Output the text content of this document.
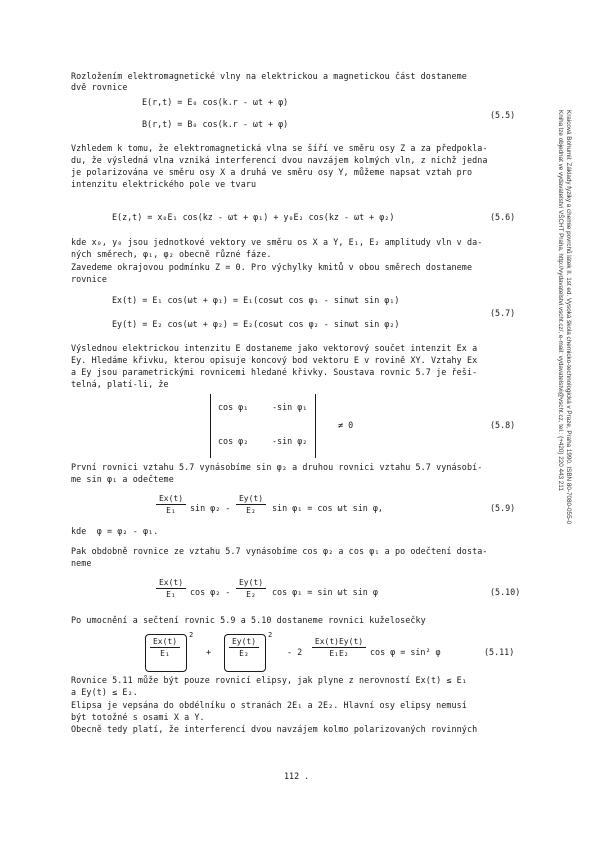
Rozložením elektromagnetické vlny na elektrickou a magnetickou část dostaneme
dvě rovnice
E(r,t) = E₀ cos(k.r - ωt + φ)
B(r,t) = B₀ cos(k.r - ωt + φ)
(5.5)
Vzhledem k tomu, že elektromagnetická vlna se šíří ve směru osy Z a za předpokla-
du, že výsledná vlna vzniká interferencí dvou navzájem kolmých vln, z nichž jedna
je polarizována ve směru osy X a druhá ve směru osy Y, můžeme napsat vztah pro
intenzitu elektrického pole ve tvaru
E(z,t) = x₀E₁ cos(kz - ωt + φ₁) + y₀E₂ cos(kz - ωt + φ₂)	(5.6)
kde x₀, y₀ jsou jednotkové vektory ve směru os X a Y, E₁, E₂ amplitudy vln v da-
ných směrech, φ₁, φ₂ obecně různé fáze.
Zavedeme okrajovou podmínku Z = 0. Pro výchylky kmitů v obou směrech dostaneme
rovnice
Ex(t) = E₁ cos(ωt + φ₁) = E₁(cosωt cos φ₁ - sinωt sin φ₁)
Ey(t) = E₂ cos(ωt + φ₂) = E₂(cosωt cos φ₂ - sinωt sin φ₂)
(5.7)
Výslednou elektrickou intenzitu E dostaneme jako vektorový součet intenzit Ex a
Ey. Hledáme křivku, kterou opisuje koncový bod vektoru E v rovině XY. Vztahy Ex
a Ey jsou parametrickými rovnicemi hledané křivky. Soustava rovnic 5.7 je řeši-
telná, platí-li, že
cos φ₁	-sin φ₁
cos φ₂	-sin φ₂
≠ 0	(5.8)
První rovnici vztahu 5.7 vynásobíme sin φ₂ a druhou rovnici vztahu 5.7 vynásobí-
me sin φ₁ a odečteme
Ex(t)
E₁ sin φ₂ -
Ey(t)
E₂ sin φ₁ = cos ωt sin φ,	(5.9)
kde  φ = φ₂ - φ₁.
Pak obdobně rovnice ze vztahu 5.7 vynásobíme cos φ₂ a cos φ₁ a po odečtení dosta-
neme
Ex(t)
E₁ cos φ₂ -
Ey(t)
E₂ cos φ₁ = sin ωt sin φ	(5.10)
Po umocnění a sečtení rovnic 5.9 a 5.10 dostaneme rovnici kuželosečky
Ex(t)
E₁
2
+
Ey(t)
E₂
2
- 2
Ex(t)Ey(t)
E₁E₂	cos φ = sin² φ	(5.11)
Rovnice 5.11 může být pouze rovnicí elipsy, jak plyne z nerovností Ex(t) ≤ E₁
a Ey(t) ≤ E₂.
Elipsa je vepsána do obdélníku o stranách 2E₁ a 2E₂. Hlavní osy elipsy nemusí
být totožné s osami X a Y.
Obecně tedy platí, že interferencí dvou navzájem kolmo polarizovaných rovinných
112 .
Kraicová Bohumil: Základy fyziky a chemie povrchů látek II. 1st ed. Vysoká škola chemicko-technologická v Praze, Praha 1990. ISBN 80-7080-055-0
Kniha lze objednat ve vydavatelství VŠCHT Praha, http://vydavatelstvi.vscht.cz/, e-mail: vydavatelstvi@vscht.cz, tel.: (+420) 220 443 211
